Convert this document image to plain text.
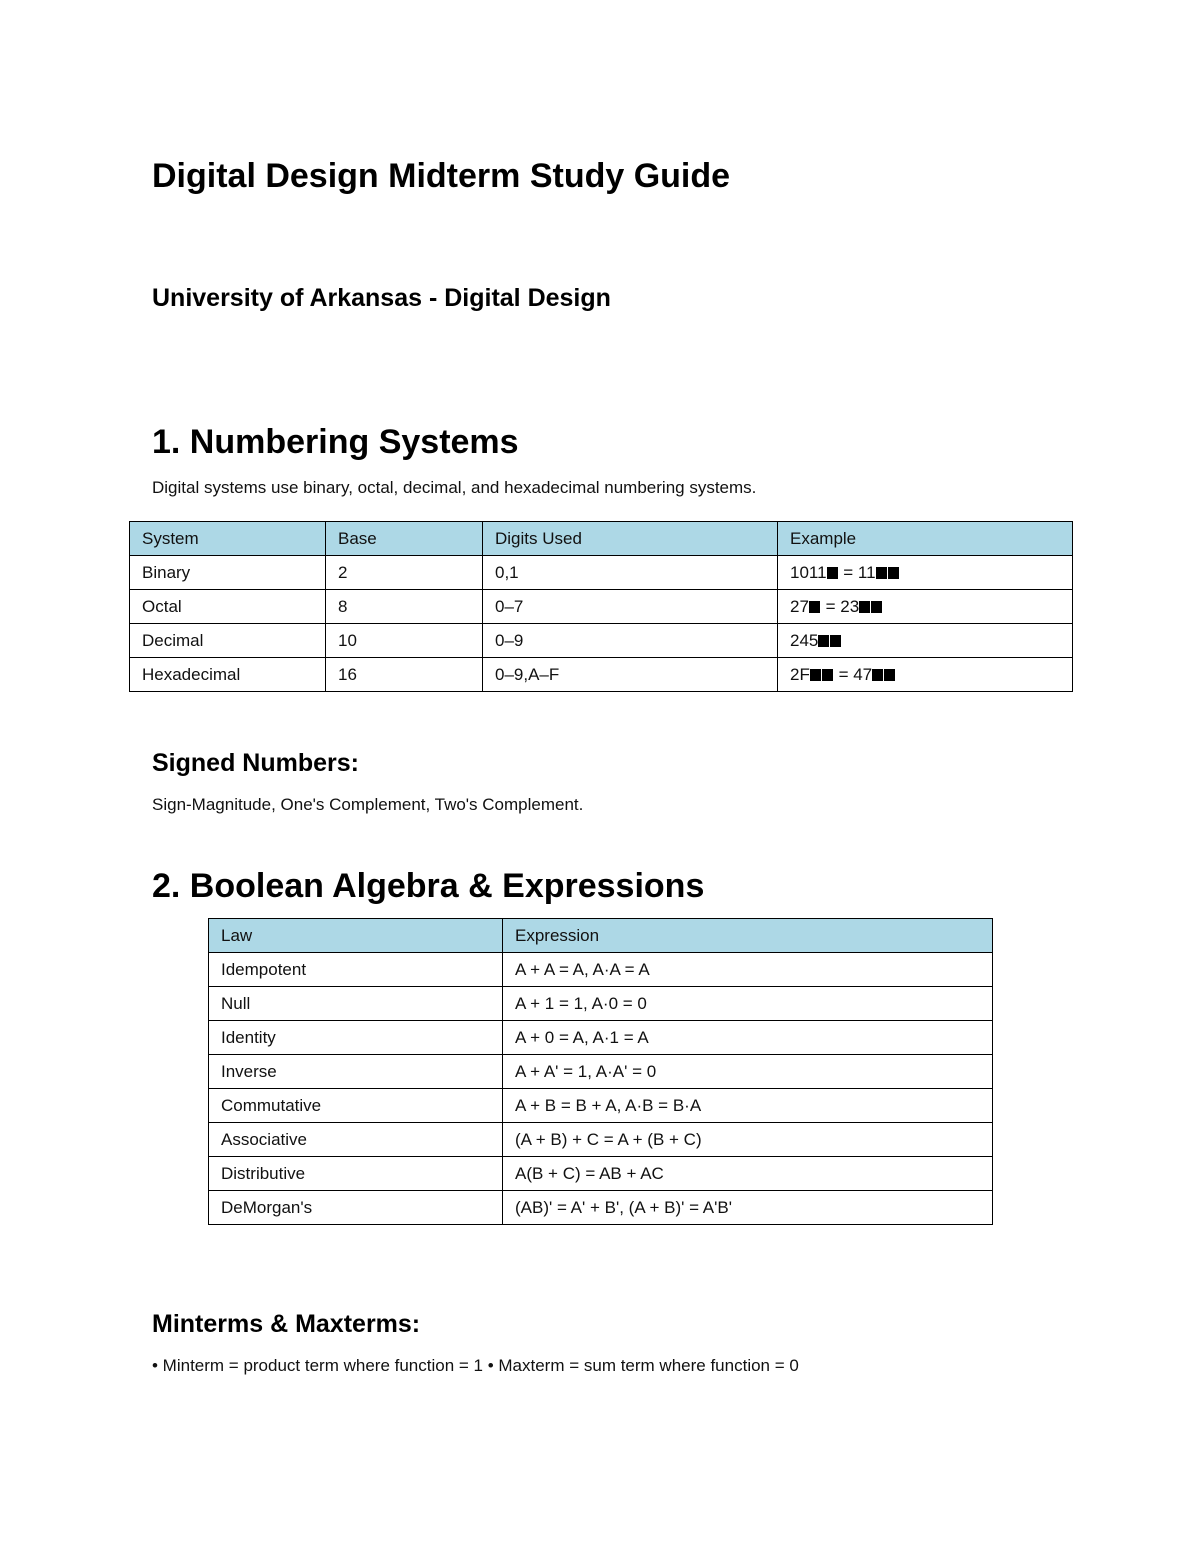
Digital Design Midterm Study Guide
University of Arkansas - Digital Design
1. Numbering Systems

Digital systems use binary, octal, decimal, and hexadecimal numbering systems.

System	Base	Digits Used	Example
Binary	2	0,1	1011 = 11
Octal	8	0–7	27 = 23
Decimal	10	0–9	245
Hexadecimal	16	0–9,A–F	2F = 47
Signed Numbers:

Sign-Magnitude, One's Complement, Two's Complement.

2. Boolean Algebra & Expressions
Law	Expression
Idempotent	A + A = A, A·A = A
Null	A + 1 = 1, A·0 = 0
Identity	A + 0 = A, A·1 = A
Inverse	A + A' = 1, A·A' = 0
Commutative	A + B = B + A, A·B = B·A
Associative	(A + B) + C = A + (B + C)
Distributive	A(B + C) = AB + AC
DeMorgan's	(AB)' = A' + B', (A + B)' = A'B'
Minterms & Maxterms:

• Minterm = product term where function = 1 • Maxterm = sum term where function = 0
